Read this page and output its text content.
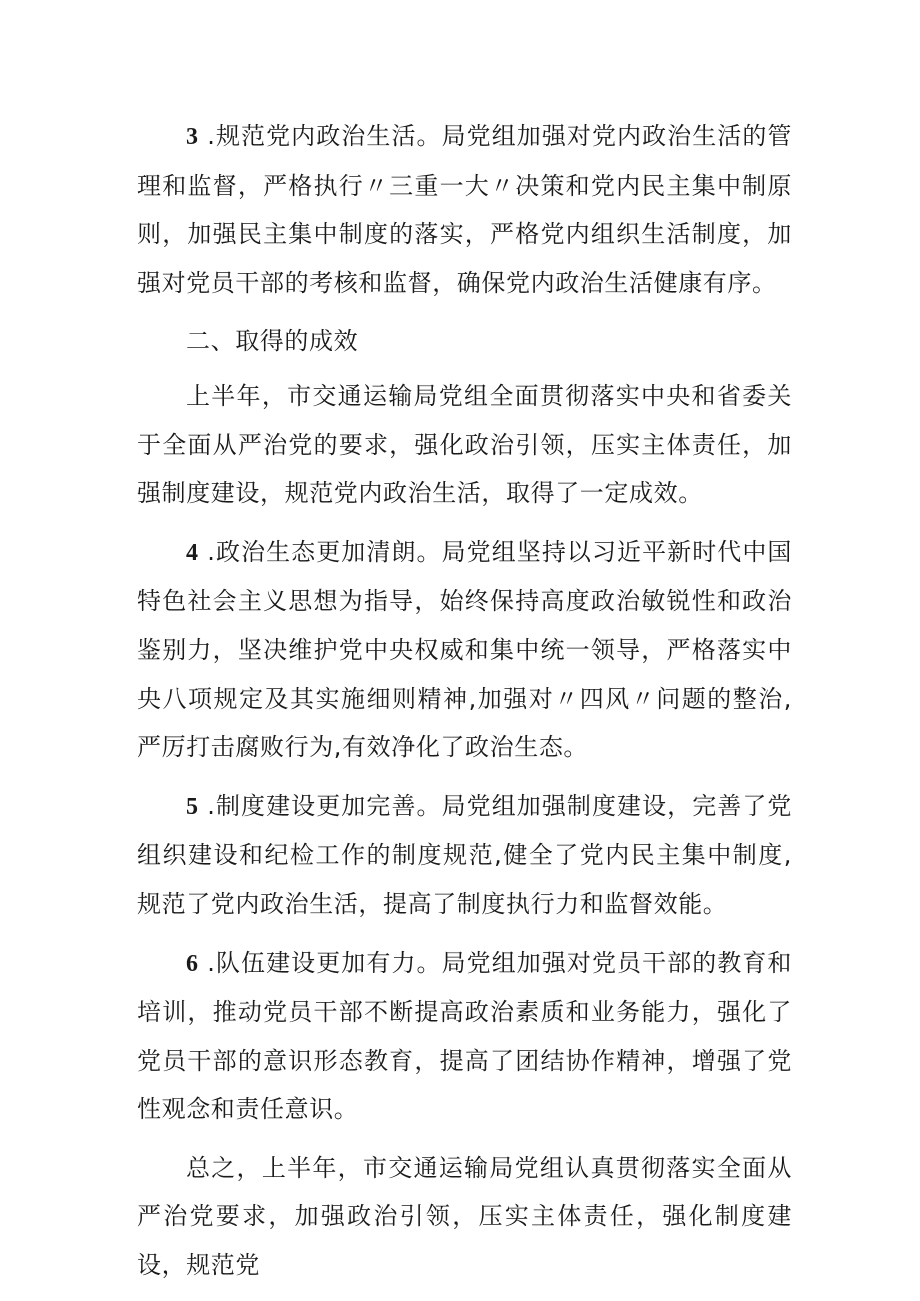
3 .规范党内政治生活。局党组加强对党内政治生活的管理和监督，严格执行〃三重一大〃决策和党内民主集中制原则，加强民主集中制度的落实，严格党内组织生活制度，加强对党员干部的考核和监督，确保党内政治生活健康有序。

二、取得的成效

上半年，市交通运输局党组全面贯彻落实中央和省委关于全面从严治党的要求，强化政治引领，压实主体责任，加强制度建设，规范党内政治生活，取得了一定成效。

4 .政治生态更加清朗。局党组坚持以习近平新时代中国特色社会主义思想为指导，始终保持高度政治敏锐性和政治鉴别力，坚决维护党中央权威和集中统一领导，严格落实中央八项规定及其实施细则精神,加强对〃四风〃问题的整治,严厉打击腐败行为,有效净化了政治生态。

5 .制度建设更加完善。局党组加强制度建设，完善了党组织建设和纪检工作的制度规范,健全了党内民主集中制度,规范了党内政治生活，提高了制度执行力和监督效能。

6 .队伍建设更加有力。局党组加强对党员干部的教育和培训，推动党员干部不断提高政治素质和业务能力，强化了党员干部的意识形态教育，提高了团结协作精神，增强了党性观念和责任意识。

总之，上半年，市交通运输局党组认真贯彻落实全面从严治党要求，加强政治引领，压实主体责任，强化制度建设，规范党
